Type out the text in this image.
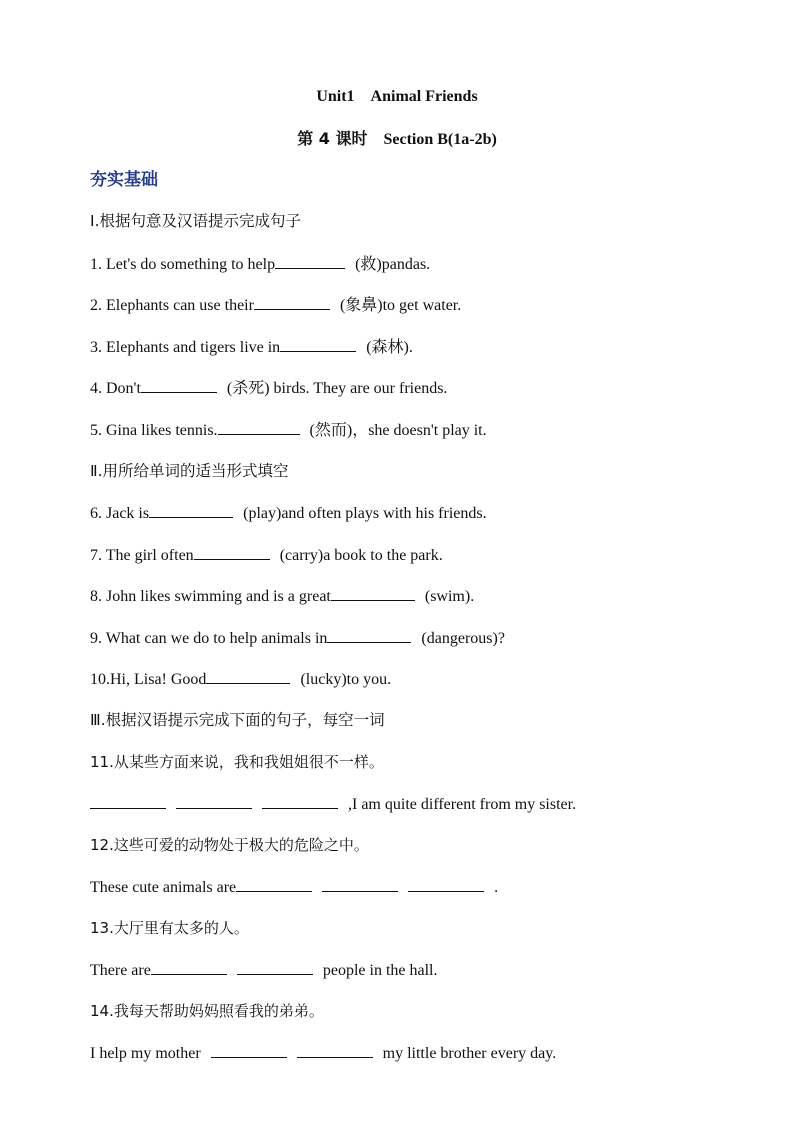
Unit1 Animal Friends
第 4 课时 Section B(1a-2b)
夯实基础
I.根据句意及汉语提示完成句子
1. Let's do something to help	(救)pandas.
2. Elephants can use their	(象鼻)to get water.
3. Elephants and tigers live in	(森林).
4. Don't	(杀死) birds. They are our friends.
5. Gina likes tennis.	(然而)，she doesn't play it.
Ⅱ.用所给单词的适当形式填空
6. Jack is	(play)and often plays with his friends.
7. The girl often	(carry)a book to the park.
8. John likes swimming and is a great	(swim).
9. What can we do to help animals in	(dangerous)?
10.Hi, Lisa! Good	(lucky)to you.
Ⅲ.根据汉语提示完成下面的句子，每空一词
11.从某些方面来说，我和我姐姐很不一样。
,I am quite different from my sister.
12.这些可爱的动物处于极大的危险之中。
These cute animals are	.
13.大厅里有太多的人。
There are	people in the hall.
14.我每天帮助妈妈照看我的弟弟。
I help my mother	my little brother every day.
